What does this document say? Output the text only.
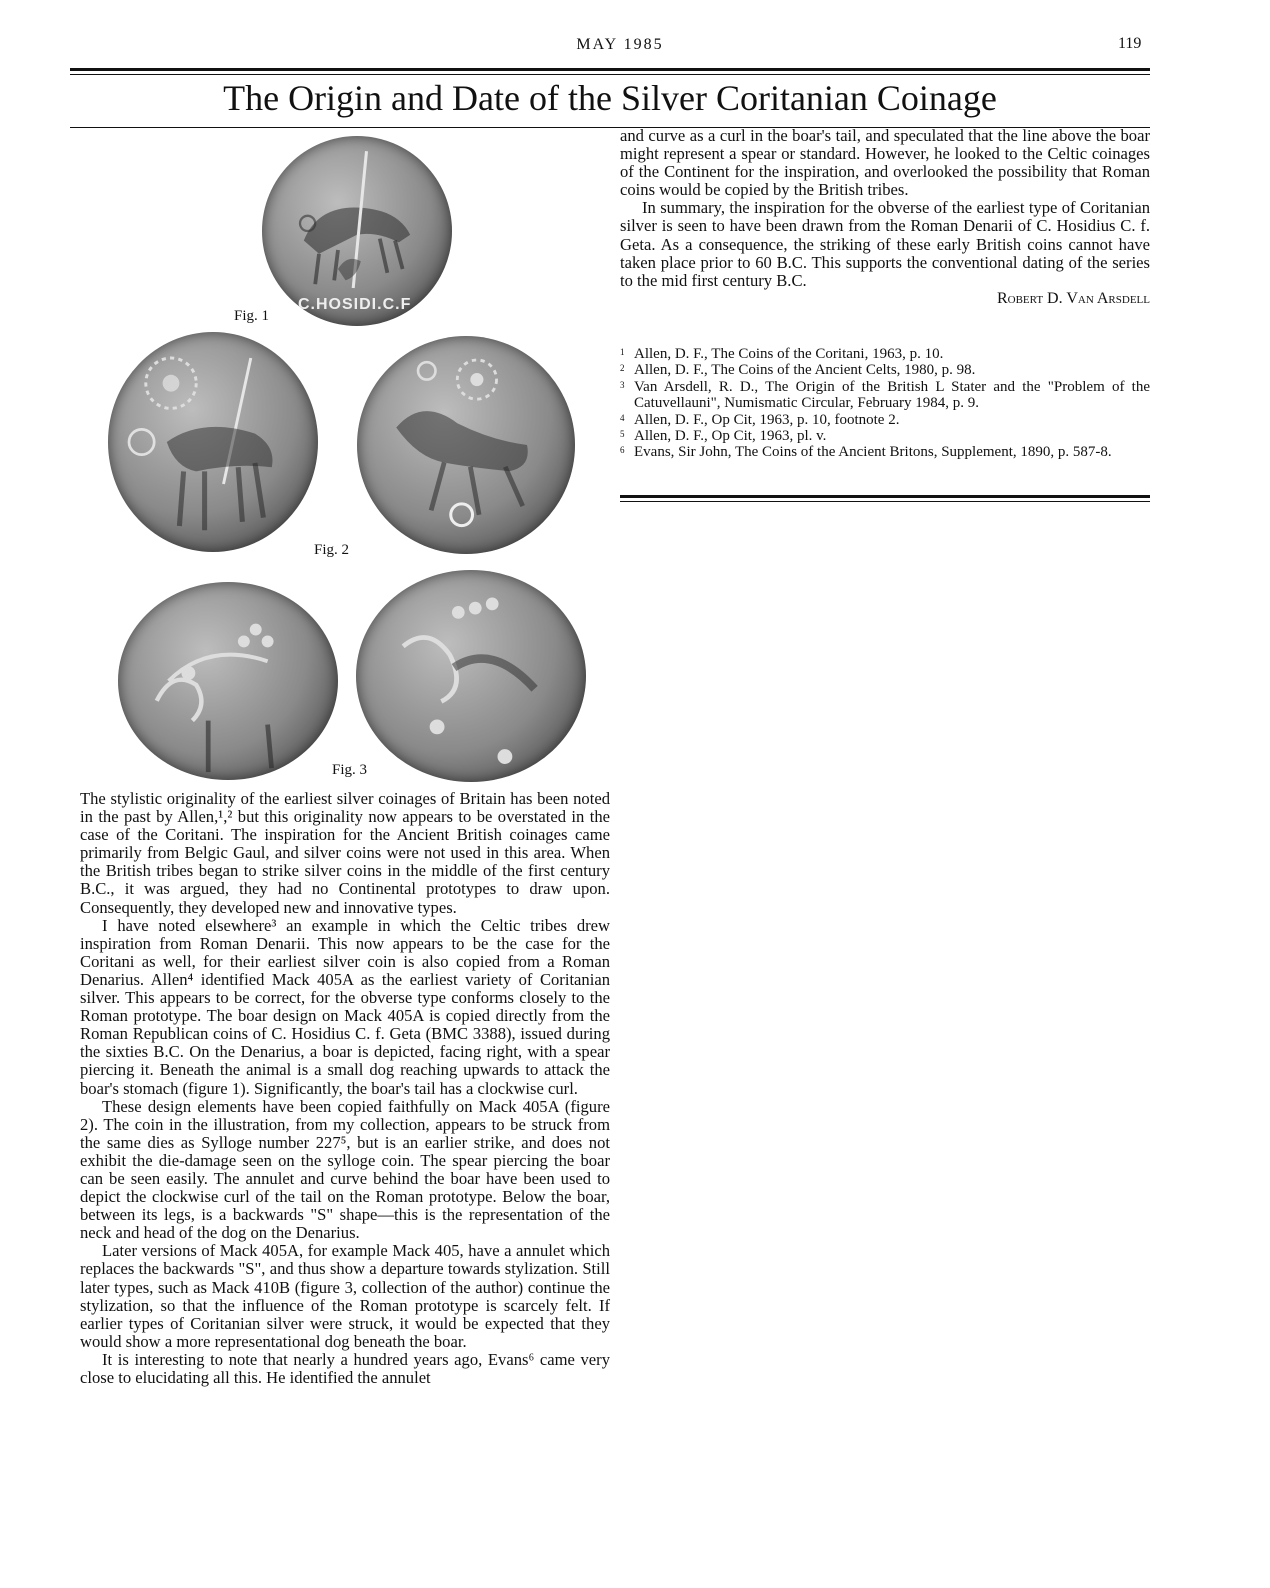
MAY 1985	119
The Origin and Date of the Silver Coritanian Coinage
Fig. 1
C.HOSIDI.C.F
Fig. 2
Fig. 3

The stylistic originality of the earliest silver coinages of Britain has been noted in the past by Allen,¹,² but this originality now appears to be overstated in the case of the Coritani. The inspiration for the Ancient British coinages came primarily from Belgic Gaul, and silver coins were not used in this area. When the British tribes began to strike silver coins in the middle of the first century B.C., it was argued, they had no Continental prototypes to draw upon. Consequently, they developed new and innovative types.

I have noted elsewhere³ an example in which the Celtic tribes drew inspiration from Roman Denarii. This now appears to be the case for the Coritani as well, for their earliest silver coin is also copied from a Roman Denarius. Allen⁴ identified Mack 405A as the earliest variety of Coritanian silver. This appears to be correct, for the obverse type conforms closely to the Roman prototype. The boar design on Mack 405A is copied directly from the Roman Republican coins of C. Hosidius C. f. Geta (BMC 3388), issued during the sixties B.C. On the Denarius, a boar is depicted, facing right, with a spear piercing it. Beneath the animal is a small dog reaching upwards to attack the boar's stomach (figure 1). Significantly, the boar's tail has a clockwise curl.

These design elements have been copied faithfully on Mack 405A (figure 2). The coin in the illustration, from my collection, appears to be struck from the same dies as Sylloge number 227⁵, but is an earlier strike, and does not exhibit the die-damage seen on the sylloge coin. The spear piercing the boar can be seen easily. The annulet and curve behind the boar have been used to depict the clockwise curl of the tail on the Roman prototype. Below the boar, between its legs, is a backwards "S" shape—this is the representation of the neck and head of the dog on the Denarius.

Later versions of Mack 405A, for example Mack 405, have a annulet which replaces the backwards "S", and thus show a departure towards stylization. Still later types, such as Mack 410B (figure 3, collection of the author) continue the stylization, so that the influence of the Roman prototype is scarcely felt. If earlier types of Coritanian silver were struck, it would be expected that they would show a more representational dog beneath the boar.

It is interesting to note that nearly a hundred years ago, Evans⁶ came very close to elucidating all this. He identified the annulet

and curve as a curl in the boar's tail, and speculated that the line above the boar might represent a spear or standard. However, he looked to the Celtic coinages of the Continent for the inspiration, and overlooked the possibility that Roman coins would be copied by the British tribes.

In summary, the inspiration for the obverse of the earliest type of Coritanian silver is seen to have been drawn from the Roman Denarii of C. Hosidius C. f. Geta. As a consequence, the striking of these early British coins cannot have taken place prior to 60 B.C. This supports the conventional dating of the series to the mid first century B.C.

Robert D. Van Arsdell

1 Allen, D. F., The Coins of the Coritani, 1963, p. 10.
2 Allen, D. F., The Coins of the Ancient Celts, 1980, p. 98.
3 Van Arsdell, R. D., The Origin of the British L Stater and the "Problem of the Catuvellauni", Numismatic Circular, February 1984, p. 9.
4 Allen, D. F., Op Cit, 1963, p. 10, footnote 2.
5 Allen, D. F., Op Cit, 1963, pl. v.
6 Evans, Sir John, The Coins of the Ancient Britons, Supplement, 1890, p. 587-8.
